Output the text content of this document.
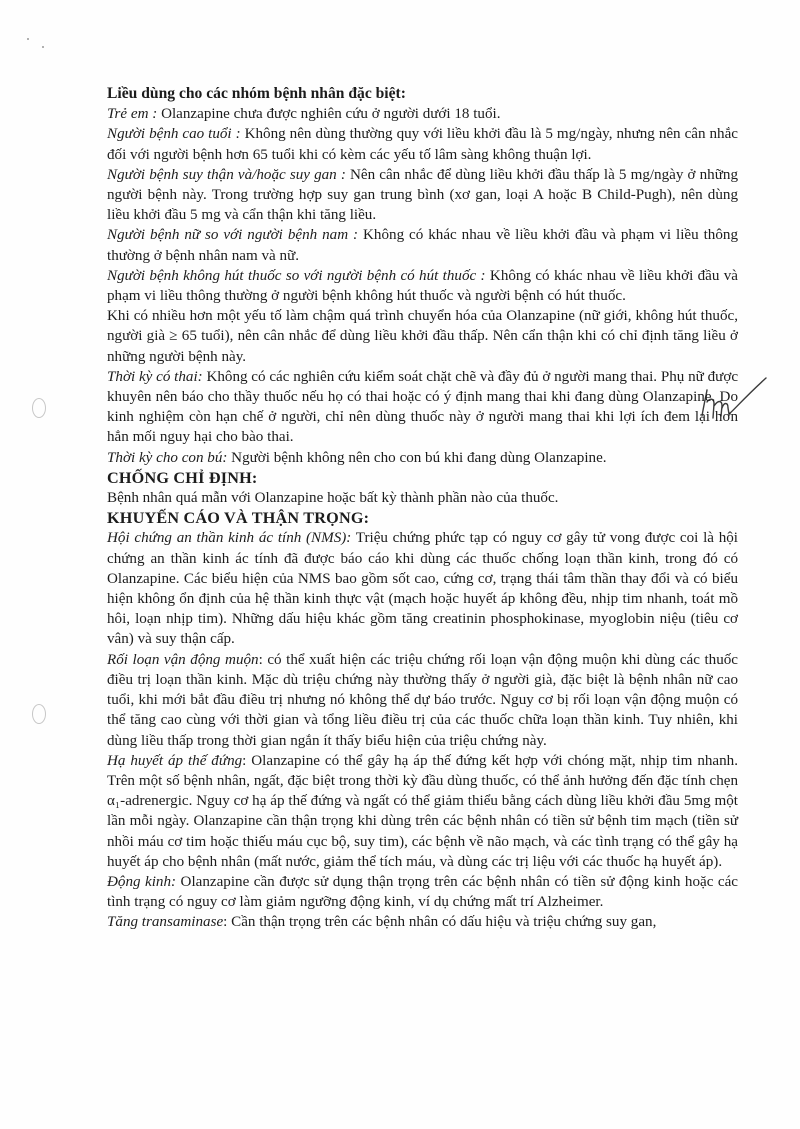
Liều dùng cho các nhóm bệnh nhân đặc biệt:

Trẻ em : Olanzapine chưa được nghiên cứu ở người dưới 18 tuổi.

Người bệnh cao tuổi : Không nên dùng thường quy với liều khởi đầu là 5 mg/ngày, nhưng nên cân nhắc đối với người bệnh hơn 65 tuổi khi có kèm các yếu tố lâm sàng không thuận lợi.

Người bệnh suy thận và/hoặc suy gan : Nên cân nhắc để dùng liều khởi đầu thấp là 5 mg/ngày ở những người bệnh này. Trong trường hợp suy gan trung bình (xơ gan, loại A hoặc B Child-Pugh), nên dùng liều khởi đầu 5 mg và cẩn thận khi tăng liều.

Người bệnh nữ so với người bệnh nam : Không có khác nhau về liều khởi đầu và phạm vi liều thông thường ở bệnh nhân nam và nữ.

Người bệnh không hút thuốc so với người bệnh có hút thuốc : Không có khác nhau về liều khởi đầu và phạm vi liều thông thường ở người bệnh không hút thuốc và người bệnh có hút thuốc.

Khi có nhiều hơn một yếu tố làm chậm quá trình chuyển hóa của Olanzapine (nữ giới, không hút thuốc, người già ≥ 65 tuổi), nên cân nhắc để dùng liều khởi đầu thấp. Nên cẩn thận khi có chỉ định tăng liều ở những người bệnh này.

Thời kỳ có thai: Không có các nghiên cứu kiểm soát chặt chẽ và đầy đủ ở người mang thai. Phụ nữ được khuyên nên báo cho thầy thuốc nếu họ có thai hoặc có ý định mang thai khi đang dùng Olanzapine. Do kinh nghiệm còn hạn chế ở người, chỉ nên dùng thuốc này ở người mang thai khi lợi ích đem lại hơn hẳn mối nguy hại cho bào thai.

Thời kỳ cho con bú: Người bệnh không nên cho con bú khi đang dùng Olanzapine.

CHỐNG CHỈ ĐỊNH:

Bệnh nhân quá mẫn với Olanzapine hoặc bất kỳ thành phần nào của thuốc.

KHUYẾN CÁO VÀ THẬN TRỌNG:

Hội chứng an thần kinh ác tính (NMS): Triệu chứng phức tạp có nguy cơ gây tử vong được coi là hội chứng an thần kinh ác tính đã được báo cáo khi dùng các thuốc chống loạn thần kinh, trong đó có Olanzapine. Các biểu hiện của NMS bao gồm sốt cao, cứng cơ, trạng thái tâm thần thay đổi và có biểu hiện không ổn định của hệ thần kinh thực vật (mạch hoặc huyết áp không đều, nhịp tim nhanh, toát mồ hôi, loạn nhịp tim). Những dấu hiệu khác gồm tăng creatinin phosphokinase, myoglobin niệu (tiêu cơ vân) và suy thận cấp.

Rối loạn vận động muộn: có thể xuất hiện các triệu chứng rối loạn vận động muộn khi dùng các thuốc điều trị loạn thần kinh. Mặc dù triệu chứng này thường thấy ở người già, đặc biệt là bệnh nhân nữ cao tuổi, khi mới bắt đầu điều trị nhưng nó không thể dự báo trước. Nguy cơ bị rối loạn vận động muộn có thể tăng cao cùng với thời gian và tổng liều điều trị của các thuốc chữa loạn thần kinh. Tuy nhiên, khi dùng liều thấp trong thời gian ngắn ít thấy biểu hiện của triệu chứng này.

Hạ huyết áp thế đứng: Olanzapine có thể gây hạ áp thế đứng kết hợp với chóng mặt, nhịp tim nhanh. Trên một số bệnh nhân, ngất, đặc biệt trong thời kỳ đầu dùng thuốc, có thể ảnh hưởng đến đặc tính chẹn α₁-adrenergic. Nguy cơ hạ áp thế đứng và ngất có thể giảm thiểu bằng cách dùng liều khởi đầu 5mg một lần mỗi ngày. Olanzapine cần thận trọng khi dùng trên các bệnh nhân có tiền sử bệnh tim mạch (tiền sử nhồi máu cơ tim hoặc thiếu máu cục bộ, suy tim), các bệnh về não mạch, và các tình trạng có thể gây hạ huyết áp cho bệnh nhân (mất nước, giảm thể tích máu, và dùng các trị liệu với các thuốc hạ huyết áp).

Động kinh: Olanzapine cần được sử dụng thận trọng trên các bệnh nhân có tiền sử động kinh hoặc các tình trạng có nguy cơ làm giảm ngưỡng động kinh, ví dụ chứng mất trí Alzheimer.

Tăng transaminase: Cần thận trọng trên các bệnh nhân có dấu hiệu và triệu chứng suy gan,
